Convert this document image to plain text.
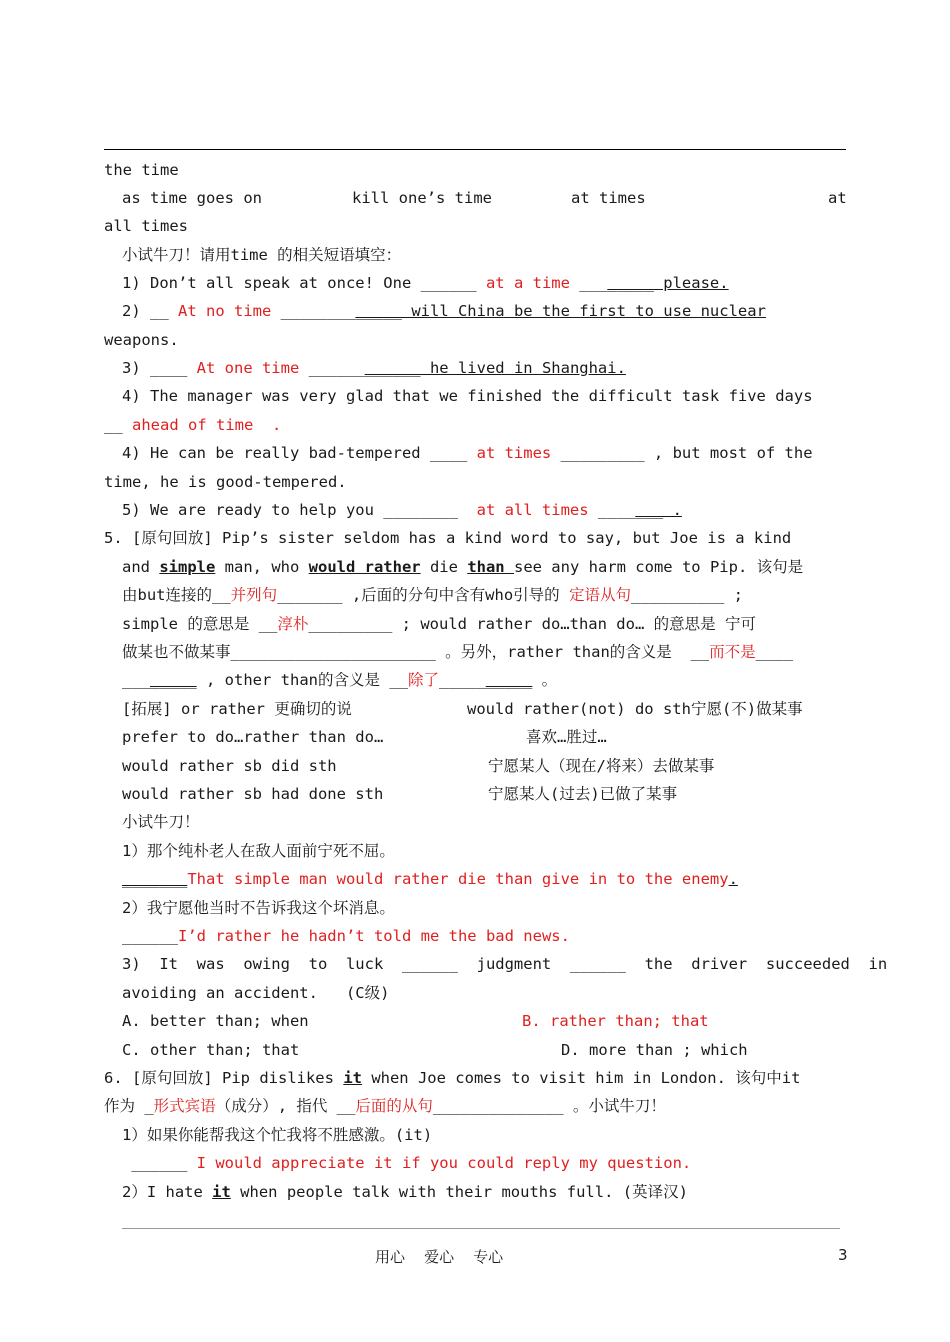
the time
as time goes on	kill one’s time	at times	at
all times
小试牛刀！请用time 的相关短语填空：
1) Don’t all speak at once! One ______ at a time ________ please.
2) __ At no time _____________ will China be the first to use nuclear
weapons.
3) ____ At one time ____________ he lived in Shanghai.
4) The manager was very glad that we finished the difficult task five days
__ ahead of time  .
4) He can be really bad-tempered ____ at times _________ , but most of the
time, he is good-tempered.
5) We are ready to help you ________  at all times _______ .
5. [原句回放] Pip’s sister seldom has a kind word to say, but Joe is a kind
and simple man, who would rather die than see any harm come to Pip. 该句是
由but连接的__并列句_______ ,后面的分句中含有who引导的 定语从句__________ ;
simple 的意思是 __淳朴_________ ; would rather do…than do… 的意思是 宁可
做某也不做某事______________________ 。另外，rather than的含义是  __而不是____
________ , other than的含义是 __除了__________ 。
[拓展] or rather 更确切的说	would rather(not) do sth宁愿(不)做某事
prefer to do…rather than do…	喜欢…胜过…
would rather sb did sth	宁愿某人（现在/将来）去做某事
would rather sb had done sth	宁愿某人(过去)已做了某事
小试牛刀！
1）那个纯朴老人在敌人面前宁死不屈。
_______That simple man would rather die than give in to the enemy.
2）我宁愿他当时不告诉我这个坏消息。
______I’d rather he hadn’t told me the bad news.
3)  It  was  owing  to  luck  ______  judgment  ______  the  driver  succeeded  in
avoiding an accident.   (C级)
A. better than; when	B. rather than; that
C. other than; that	D. more than ; which
6. [原句回放] Pip dislikes it when Joe comes to visit him in London. 该句中it
作为 _形式宾语（成分）, 指代 __后面的从句______________ 。小试牛刀！
1）如果你能帮我这个忙我将不胜感激。(it)
______ I would appreciate it if you could reply my question.
2）I hate it when people talk with their mouths full. (英译汉)
用心    爱心    专心	3
